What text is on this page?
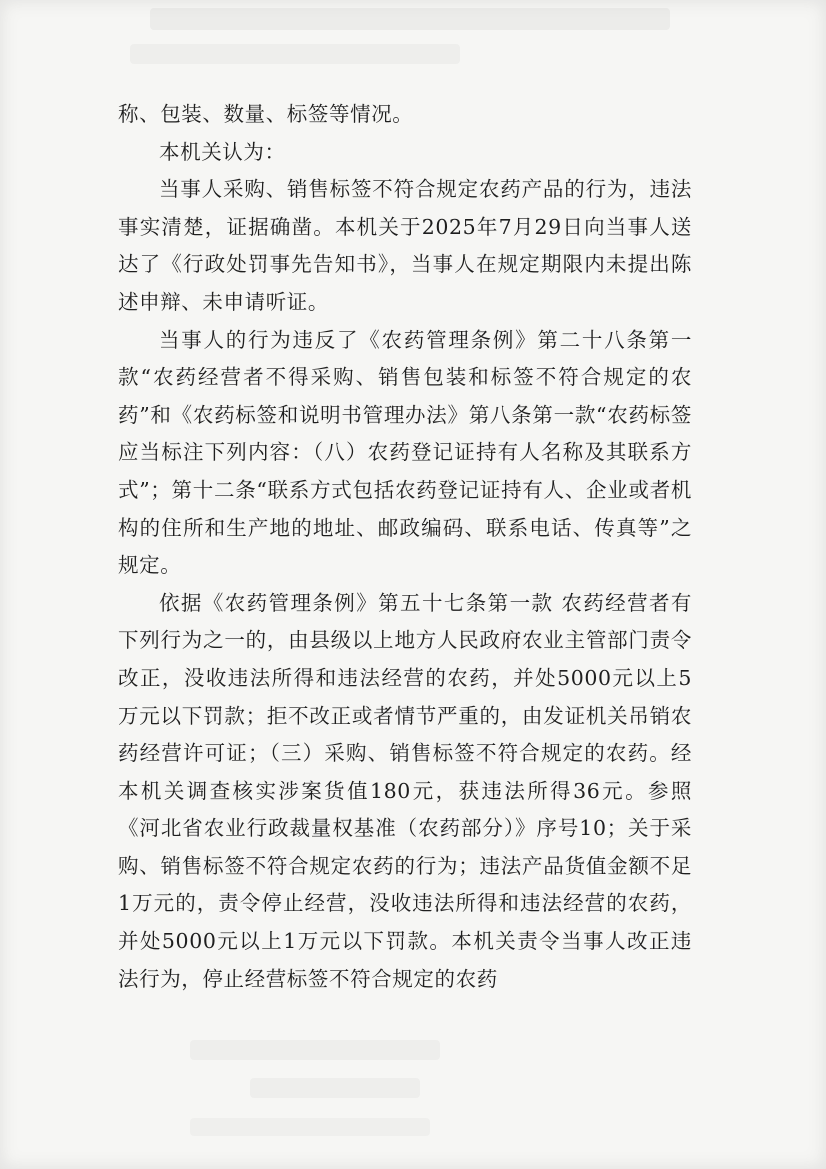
称、包装、数量、标签等情况。

本机关认为：

当事人采购、销售标签不符合规定农药产品的行为，违法事实清楚，证据确凿。本机关于2025年7月29日向当事人送达了《行政处罚事先告知书》，当事人在规定期限内未提出陈述申辩、未申请听证。

当事人的行为违反了《农药管理条例》第二十八条第一款“农药经营者不得采购、销售包装和标签不符合规定的农药”和《农药标签和说明书管理办法》第八条第一款“农药标签应当标注下列内容：（八）农药登记证持有人名称及其联系方式”；第十二条“联系方式包括农药登记证持有人、企业或者机构的住所和生产地的地址、邮政编码、联系电话、传真等”之规定。

依据《农药管理条例》第五十七条第一款 农药经营者有下列行为之一的，由县级以上地方人民政府农业主管部门责令改正，没收违法所得和违法经营的农药，并处5000元以上5万元以下罚款；拒不改正或者情节严重的，由发证机关吊销农药经营许可证；（三）采购、销售标签不符合规定的农药。经本机关调查核实涉案货值180元，获违法所得36元。参照《河北省农业行政裁量权基准（农药部分）》序号10；关于采购、销售标签不符合规定农药的行为；违法产品货值金额不足1万元的，责令停止经营，没收违法所得和违法经营的农药，并处5000元以上1万元以下罚款。本机关责令当事人改正违法行为，停止经营标签不符合规定的农药
